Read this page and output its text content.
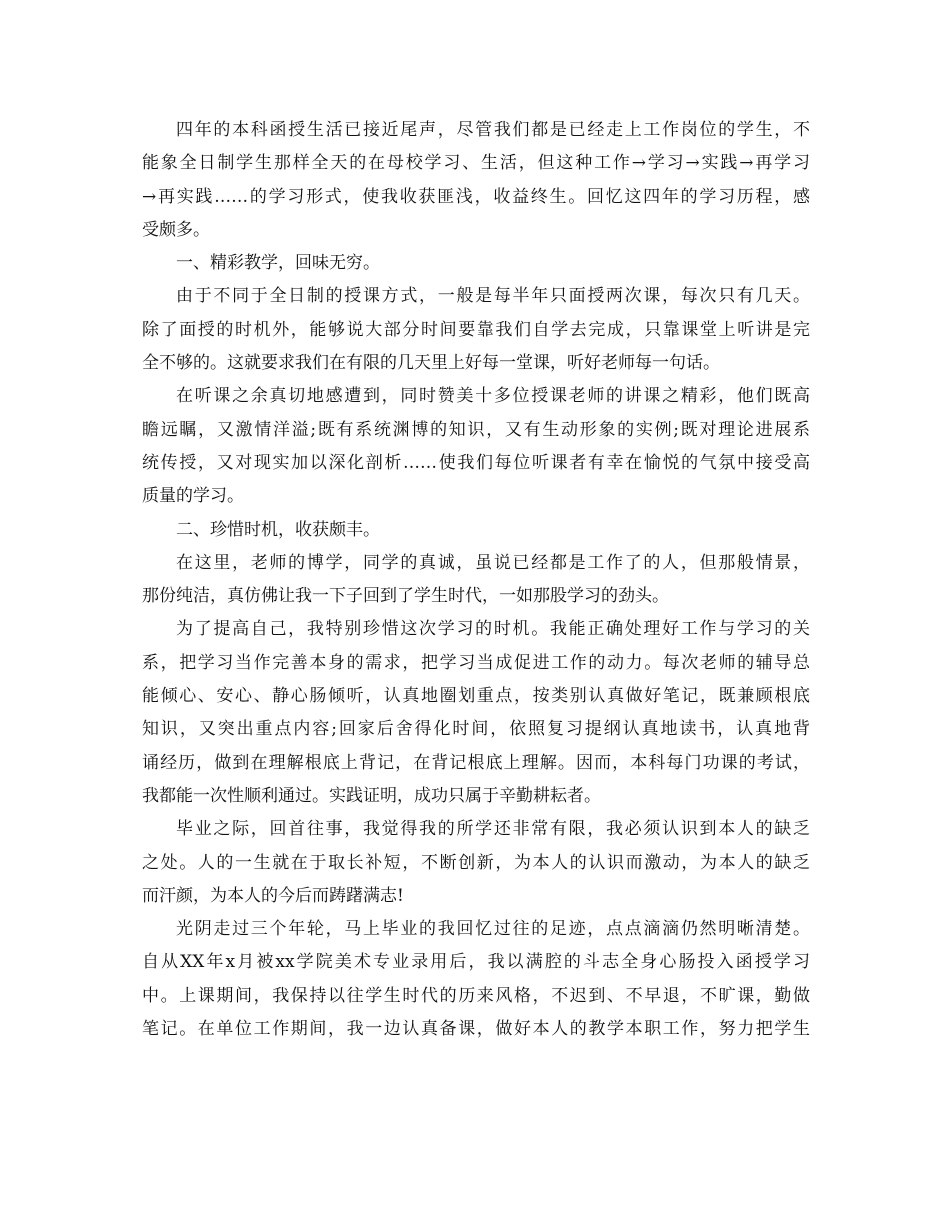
四年的本科函授生活已接近尾声，尽管我们都是已经走上工作岗位的学生，不
能象全日制学生那样全天的在母校学习、生活，但这种工作→学习→实践→再学习
→再实践……的学习形式，使我收获匪浅，收益终生。回忆这四年的学习历程，感
受颇多。
一、精彩教学，回味无穷。
由于不同于全日制的授课方式，一般是每半年只面授两次课，每次只有几天。
除了面授的时机外，能够说大部分时间要靠我们自学去完成，只靠课堂上听讲是完
全不够的。这就要求我们在有限的几天里上好每一堂课，听好老师每一句话。
在听课之余真切地感遭到，同时赞美十多位授课老师的讲课之精彩，他们既高
瞻远瞩，又激情洋溢;既有系统渊博的知识，又有生动形象的实例;既对理论进展系
统传授，又对现实加以深化剖析……使我们每位听课者有幸在愉悦的气氛中接受高
质量的学习。
二、珍惜时机，收获颇丰。
在这里，老师的博学，同学的真诚，虽说已经都是工作了的人，但那般情景，
那份纯洁，真仿佛让我一下子回到了学生时代，一如那股学习的劲头。
为了提高自己，我特别珍惜这次学习的时机。我能正确处理好工作与学习的关
系，把学习当作完善本身的需求，把学习当成促进工作的动力。每次老师的辅导总
能倾心、安心、静心肠倾听，认真地圈划重点，按类别认真做好笔记，既兼顾根底
知识，又突出重点内容;回家后舍得化时间，依照复习提纲认真地读书，认真地背
诵经历，做到在理解根底上背记，在背记根底上理解。因而，本科每门功课的考试，
我都能一次性顺利通过。实践证明，成功只属于辛勤耕耘者。
毕业之际，回首往事，我觉得我的所学还非常有限，我必须认识到本人的缺乏
之处。人的一生就在于取长补短，不断创新，为本人的认识而激动，为本人的缺乏
而汗颜，为本人的今后而踌躇满志!
光阴走过三个年轮，马上毕业的我回忆过往的足迹，点点滴滴仍然明晰清楚。
自从XX年x月被xx学院美术专业录用后，我以满腔的斗志全身心肠投入函授学习
中。上课期间，我保持以往学生时代的历来风格，不迟到、不早退，不旷课，勤做
笔记。在单位工作期间，我一边认真备课，做好本人的教学本职工作，努力把学生
